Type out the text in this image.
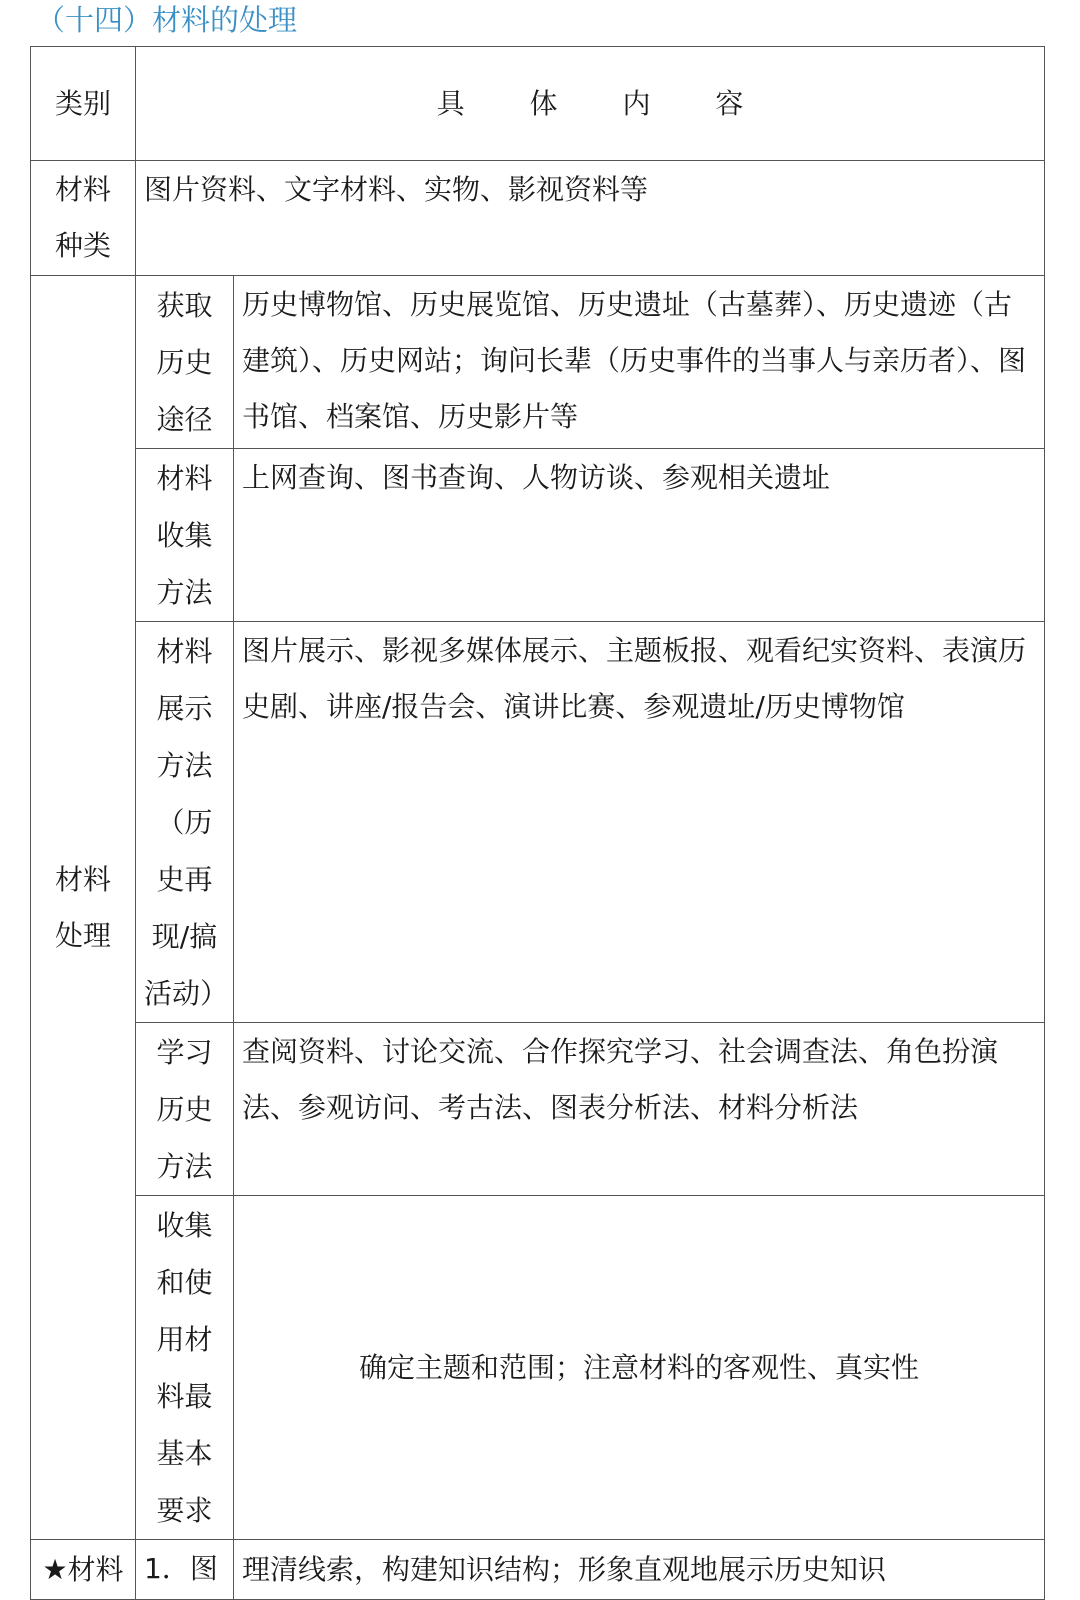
（十四）材料的处理
类别	具 体 内 容	
材料种类	图片资料、文字材料、实物、影视资料等	
材料处理	获取历史途径	历史博物馆、历史展览馆、历史遗址（古墓葬）、历史遗迹（古建筑）、历史网站；询问长辈（历史事件的当事人与亲历者）、图书馆、档案馆、历史影片等
	材料收集方法	上网查询、图书查询、人物访谈、参观相关遗址
	材料展示方法（历史再现/搞活动）	图片展示、影视多媒体展示、主题板报、观看纪实资料、表演历史剧、讲座/报告会、演讲比赛、参观遗址/历史博物馆
	学习历史方法	查阅资料、讨论交流、合作探究学习、社会调查法、角色扮演法、参观访问、考古法、图表分析法、材料分析法
	收集和使用材料最基本要求	确定主题和范围；注意材料的客观性、真实性
★材料	1．图	理清线索，构建知识结构；形象直观地展示历史知识
